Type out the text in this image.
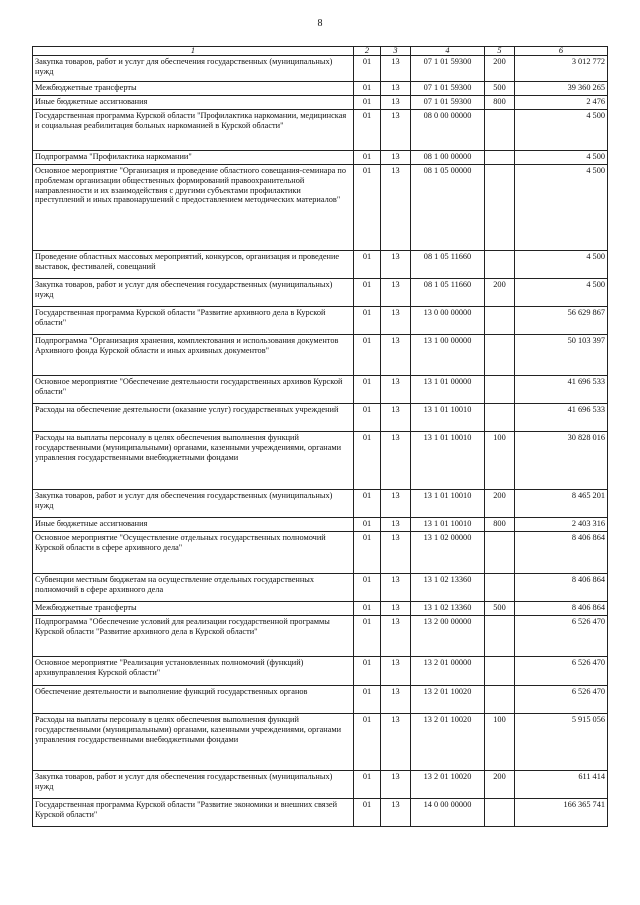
8
1	2	3	4	5	6
Закупка товаров, работ и услуг для обеспечения государственных (муниципальных) нужд	01	13	07 1 01 59300	200	3 012 772
Межбюджетные трансферты	01	13	07 1 01 59300	500	39 360 265
Иные бюджетные ассигнования	01	13	07 1 01 59300	800	2 476
Государственная программа Курской области "Профилактика наркомании, медицинская и социальная реабилитация больных наркоманией в Курской области"	01	13	08 0 00 00000		4 500
Подпрограмма "Профилактика наркомании"	01	13	08 1 00 00000		4 500
Основное мероприятие "Организация и проведение областного совещания-семинара по проблемам организации общественных формирований правоохранительной направленности и их взаимодействия с другими субъектами профилактики преступлений и иных правонарушений с предоставлением методических материалов"	01	13	08 1 05 00000		4 500
Проведение областных массовых мероприятий, конкурсов, организация и проведение выставок, фестивалей, совещаний	01	13	08 1 05 11660		4 500
Закупка товаров, работ и услуг для обеспечения государственных (муниципальных) нужд	01	13	08 1 05 11660	200	4 500
Государственная программа Курской области "Развитие архивного дела в Курской области"	01	13	13 0 00 00000		56 629 867
Подпрограмма "Организация хранения, комплектования и использования документов Архивного фонда Курской области и иных архивных документов"	01	13	13 1 00 00000		50 103 397
Основное мероприятие "Обеспечение деятельности государственных архивов Курской области"	01	13	13 1 01 00000		41 696 533
Расходы на обеспечение деятельности (оказание услуг) государственных учреждений	01	13	13 1 01 10010		41 696 533
Расходы на выплаты персоналу в целях обеспечения выполнения функций государственными (муниципальными) органами, казенными учреждениями, органами управления государственными внебюджетными фондами	01	13	13 1 01 10010	100	30 828 016
Закупка товаров, работ и услуг для обеспечения государственных (муниципальных) нужд	01	13	13 1 01 10010	200	8 465 201
Иные бюджетные ассигнования	01	13	13 1 01 10010	800	2 403 316
Основное мероприятие "Осуществление отдельных государственных полномочий Курской области в сфере архивного дела"	01	13	13 1 02 00000		8 406 864
Субвенции местным бюджетам на осуществление отдельных государственных полномочий в сфере архивного дела	01	13	13 1 02 13360		8 406 864
Межбюджетные трансферты	01	13	13 1 02 13360	500	8 406 864
Подпрограмма "Обеспечение условий для реализации государственной программы Курской области "Развитие архивного дела в Курской области"	01	13	13 2 00 00000		6 526 470
Основное мероприятие "Реализация установленных полномочий (функций) архивуправления Курской области"	01	13	13 2 01 00000		6 526 470
Обеспечение деятельности и выполнение функций государственных органов	01	13	13 2 01 10020		6 526 470
Расходы на выплаты персоналу в целях обеспечения выполнения функций государственными (муниципальными) органами, казенными учреждениями, органами управления государственными внебюджетными фондами	01	13	13 2 01 10020	100	5 915 056
Закупка товаров, работ и услуг для обеспечения государственных (муниципальных) нужд	01	13	13 2 01 10020	200	611 414
Государственная программа Курской области "Развитие экономики и внешних связей Курской области"	01	13	14 0 00 00000		166 365 741
